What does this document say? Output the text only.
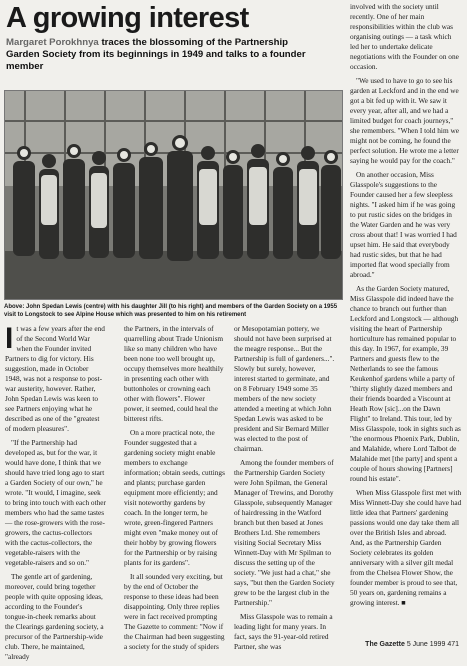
A growing interest
Margaret Porokhnya traces the blossoming of the Partnership Garden Society from its beginnings in 1949 and talks to a founder member
Above: John Spedan Lewis (centre) with his daughter Jill (to his right) and members of the Garden Society on a 1955 visit to Longstock to see Alpine House which was presented to him on his retirement

It was a few years after the end of the Second World War when the Founder invited Partners to dig for victory. His suggestion, made in October 1948, was not a response to post-war austerity, however. Rather, John Spedan Lewis was keen to see Partners enjoying what he described as one of the "greatest of modern pleasures".

"If the Partnership had developed as, but for the war, it would have done, I think that we should have tried long ago to start a Garden Society of our own," he wrote. "It would, I imagine, seek to bring into touch with each other members who had the same tastes — the rose-growers with the rose-growers, the cactus-collectors with the cactus-collectors, the vegetable-raisers with the vegetable-raisers and so on."

The gentle art of gardening, moreover, could bring together people with quite opposing ideas, according to the Founder's tongue-in-cheek remarks about the Clearings gardening society, a precursor of the Partnership-wide club. There, he maintained, "already

the Partners, in the intervals of quarrelling about Trade Unionism like so many children who have been none too well brought up, occupy themselves more healthily in presenting each other with buttonholes or crowning each other with flowers". Flower power, it seemed, could heal the bitterest rifts.

On a more practical note, the Founder suggested that a gardening society might enable members to exchange information; obtain seeds, cuttings and plants; purchase garden equipment more efficiently; and visit noteworthy gardens by coach. In the longer term, he wrote, green-fingered Partners might even "make money out of their hobby by growing flowers for the Partnership or by raising plants for its gardens".

It all sounded very exciting, but by the end of October the response to these ideas had been disappointing. Only three replies were in fact received prompting The Gazette to comment: "Now if the Chairman had been suggesting a society for the study of spiders

or Mesopotamian pottery, we should not have been surprised at the meagre response... But the Partnership is full of gardeners...". Slowly but surely, however, interest started to germinate, and on 8 February 1949 some 35 members of the new society attended a meeting at which John Spedan Lewis was asked to be president and Sir Bernard Miller was elected to the post of chairman.

Among the founder members of the Partnership Garden Society were John Spilman, the General Manager of Trewins, and Dorothy Glasspole, subsequently Manager of hairdressing in the Watford branch but then based at Jones Brothers Ltd. She remembers visiting Social Secretary Miss Winnett-Day with Mr Spilman to discuss the setting up of the society. "We just had a chat," she says, "but then the Garden Society grew to be the largest club in the Partnership."

Miss Glasspole was to remain a leading light for many years. In fact, says the 91-year-old retired Partner, she was

involved with the society until recently. One of her main responsibilities within the club was organising outings — a task which led her to undertake delicate negotiations with the Founder on one occasion.

"We used to have to go to see his garden at Leckford and in the end we got a bit fed up with it. We saw it every year, after all, and we had a limited budget for coach journeys," she remembers. "When I told him we might not be coming, he found the perfect solution. He wrote me a letter saying he would pay for the coach."

On another occasion, Miss Glasspole's suggestions to the Founder caused her a few sleepless nights. "I asked him if he was going to put rustic sides on the bridges in the Water Garden and he was very cross about that! I was worried I had upset him. He said that everybody had rustic sides, but that he had imported flat wood specially from abroad."

As the Garden Society matured, Miss Glasspole did indeed have the chance to branch out further than Leckford and Longstock — although visiting the heart of Partnership horticulture has remained popular to this day. In 1967, for example, 39 Partners and guests flew to the Netherlands to see the famous Keukenhof gardens while a party of "thirty slightly dazed members and their friends boarded a Viscount at Heath Row [sic]...on the Dawn Flight" to Ireland. This tour, led by Miss Glasspole, took in sights such as "the enormous Phoenix Park, Dublin, and Malahide, where Lord Talbot de Malahide met [the party] and spent a couple of hours showing [Partners] round his estate".

When Miss Glasspole first met with Miss Winnett-Day she could have had little idea that Partners' gardening passions would one day take them all over the British Isles and abroad. And, as the Partnership Garden Society celebrates its golden anniversary with a silver gilt medal from the Chelsea Flower Show, the founder member is proud to see that, 50 years on, gardening remains a growing interest. ■

The Gazette 5 June 1999 471
